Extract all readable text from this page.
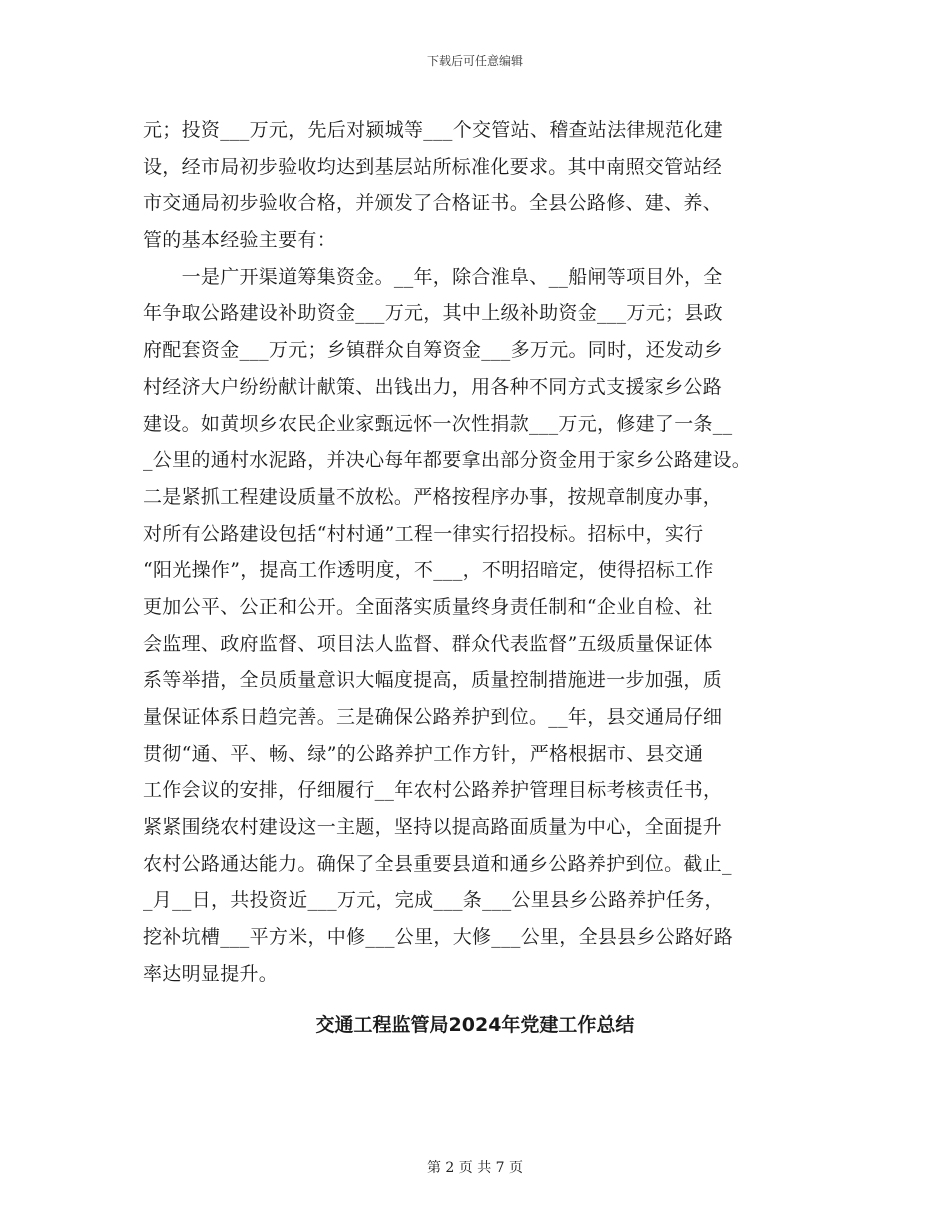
下载后可任意编辑
元；投资___万元，先后对颍城等___个交管站、稽查站法律规范化建
设，经市局初步验收均达到基层站所标准化要求。其中南照交管站经
市交通局初步验收合格，并颁发了合格证书。全县公路修、建、养、
管的基本经验主要有：
　　一是广开渠道筹集资金。__年，除合淮阜、__船闸等项目外，全
年争取公路建设补助资金___万元，其中上级补助资金___万元；县政
府配套资金___万元；乡镇群众自筹资金___多万元。同时，还发动乡
村经济大户纷纷献计献策、出钱出力，用各种不同方式支援家乡公路
建设。如黄坝乡农民企业家甄远怀一次性捐款___万元，修建了一条__
_公里的通村水泥路，并决心每年都要拿出部分资金用于家乡公路建设。
二是紧抓工程建设质量不放松。严格按程序办事，按规章制度办事，
对所有公路建设包括“村村通”工程一律实行招投标。招标中，实行
“阳光操作”，提高工作透明度，不___，不明招暗定，使得招标工作
更加公平、公正和公开。全面落实质量终身责任制和“企业自检、社
会监理、政府监督、项目法人监督、群众代表监督”五级质量保证体
系等举措，全员质量意识大幅度提高，质量控制措施进一步加强，质
量保证体系日趋完善。三是确保公路养护到位。__年，县交通局仔细
贯彻“通、平、畅、绿”的公路养护工作方针，严格根据市、县交通
工作会议的安排，仔细履行__年农村公路养护管理目标考核责任书，
紧紧围绕农村建设这一主题，坚持以提高路面质量为中心，全面提升
农村公路通达能力。确保了全县重要县道和通乡公路养护到位。截止_
_月__日，共投资近___万元，完成___条___公里县乡公路养护任务，
挖补坑槽___平方米，中修___公里，大修___公里，全县县乡公路好路
率达明显提升。
交通工程监管局2024年党建工作总结
第 2 页 共 7 页
